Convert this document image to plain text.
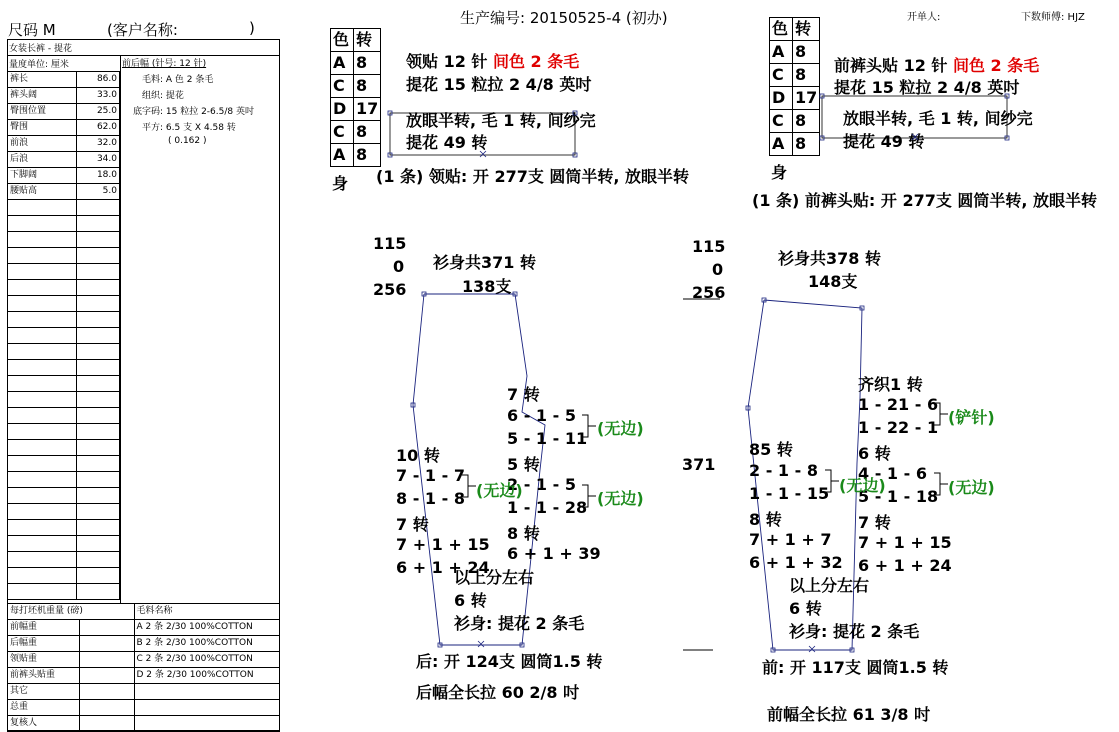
尺码 M	(客户名称:	)
生产编号: 20150525-4 (初办)	开单人:	下数师傅: HJZ
女装长裤 - 提花
量度单位: 厘米
裤长	86.0
裤头阔	33.0
臀围位置	25.0
臀围	62.0
前浪	32.0
后浪	34.0
下脚阔	18.0
腰贴高	5.0

前后幅 (针号: 12 针)
毛料: A 色 2 条毛
组织: 提花
底字码: 15 粒拉 2-6.5/8 英吋
平方: 6.5 支 X 4.58 转
( 0.162 )
每打坯机重量 (磅)		毛料名称
前幅重		A 2 条 2/30 100%COTTON
后幅重		B 2 条 2/30 100%COTTON
领贴重		C 2 条 2/30 100%COTTON
前裤头贴重		D 2 条 2/30 100%COTTON
其它		
总重		
复核人		
色	转
A	8
C	8
D	17
C	8
A	8
身
色	转
A	8
C	8
D	17
C	8
A	8
身
领贴 12 针 间色 2 条毛
提花 15 粒拉 2 4/8 英吋
放眼半转, 毛 1 转, 间纱完
提花 49 转
(1 条) 领贴: 开 277支 圆筒半转, 放眼半转
前裤头贴 12 针 间色 2 条毛
提花 15 粒拉 2 4/8 英吋
放眼半转, 毛 1 转, 间纱完
提花 49 转
(1 条) 前裤头贴: 开 277支 圆筒半转, 放眼半转
115
0
256
衫身共371 转
138支
7 转
6 - 1 - 5
5 - 1 - 11
(无边)
5 转
2 - 1 - 5
1 - 1 - 28 (无边)
8 转
6 + 1 + 39
10 转
7 - 1 - 7
8 - 1 - 8 (无边)
7 转
7 + 1 + 15
6 + 1 + 24
以上分左右
6 转
衫身: 提花 2 条毛
后: 开 124支 圆筒1.5 转
后幅全长拉 60 2/8 吋
115
0
256
371
衫身共378 转
148支
齐织1 转
1 - 21 - 6
1 - 22 - 1
(铲针)
6 转
4 - 1 - 6
5 - 1 - 18 (无边)
7 转
7 + 1 + 15
6 + 1 + 24
85 转
2 - 1 - 8
1 - 1 - 15 (无边)
8 转
7 + 1 + 7
6 + 1 + 32
以上分左右
6 转
衫身: 提花 2 条毛
前: 开 117支 圆筒1.5 转
前幅全长拉 61 3/8 吋
